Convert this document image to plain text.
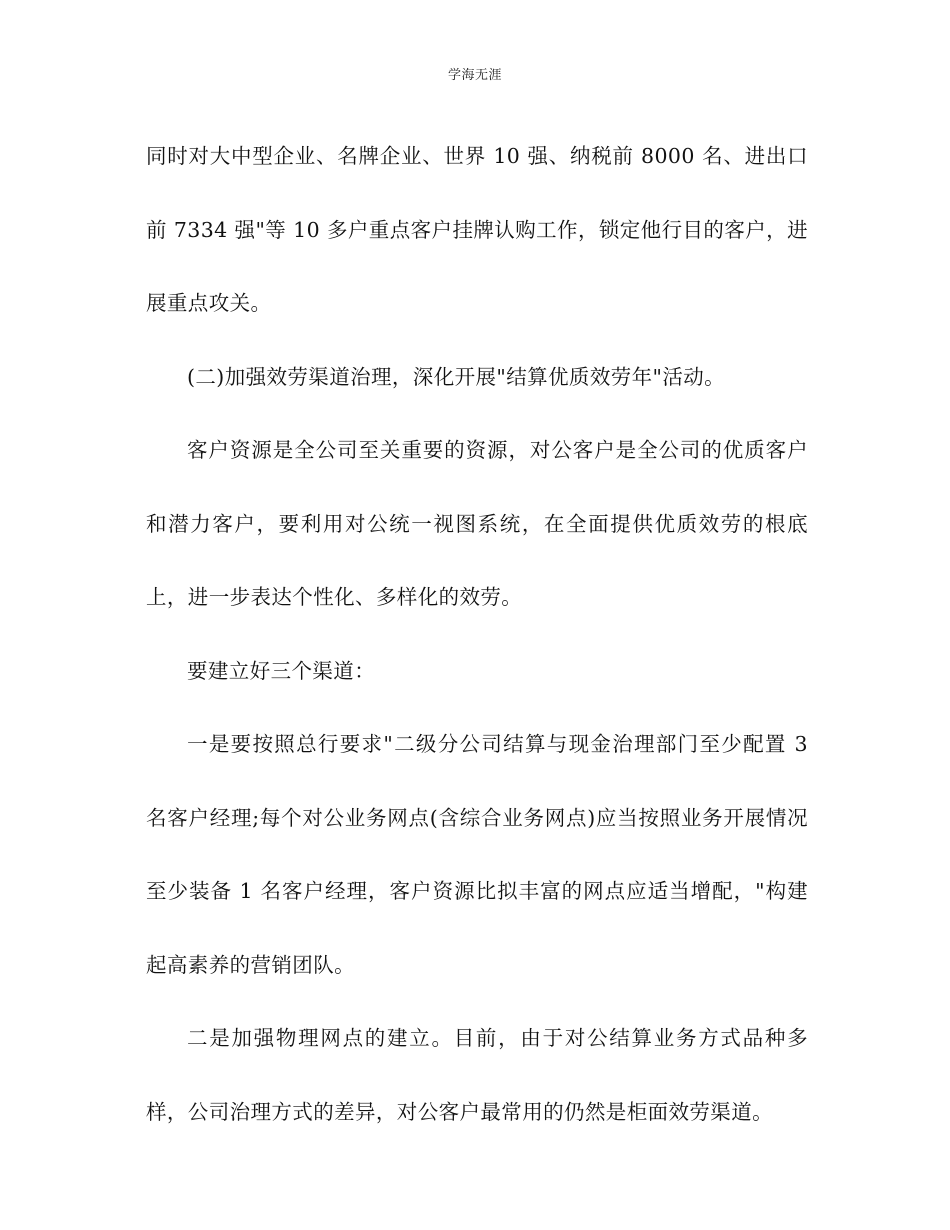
学海无涯

同时对大中型企业、名牌企业、世界 10 强、纳税前 8000 名、进出口前 7334 强"等 10 多户重点客户挂牌认购工作，锁定他行目的客户，进展重点攻关。

(二)加强效劳渠道治理，深化开展"结算优质效劳年"活动。

客户资源是全公司至关重要的资源，对公客户是全公司的优质客户和潜力客户，要利用对公统一视图系统，在全面提供优质效劳的根底上，进一步表达个性化、多样化的效劳。

要建立好三个渠道：

一是要按照总行要求"二级分公司结算与现金治理部门至少配置 3 名客户经理;每个对公业务网点(含综合业务网点)应当按照业务开展情况至少装备 1 名客户经理，客户资源比拟丰富的网点应适当增配，"构建起高素养的营销团队。

二是加强物理网点的建立。目前，由于对公结算业务方式品种多样，公司治理方式的差异，对公客户最常用的仍然是柜面效劳渠道。
